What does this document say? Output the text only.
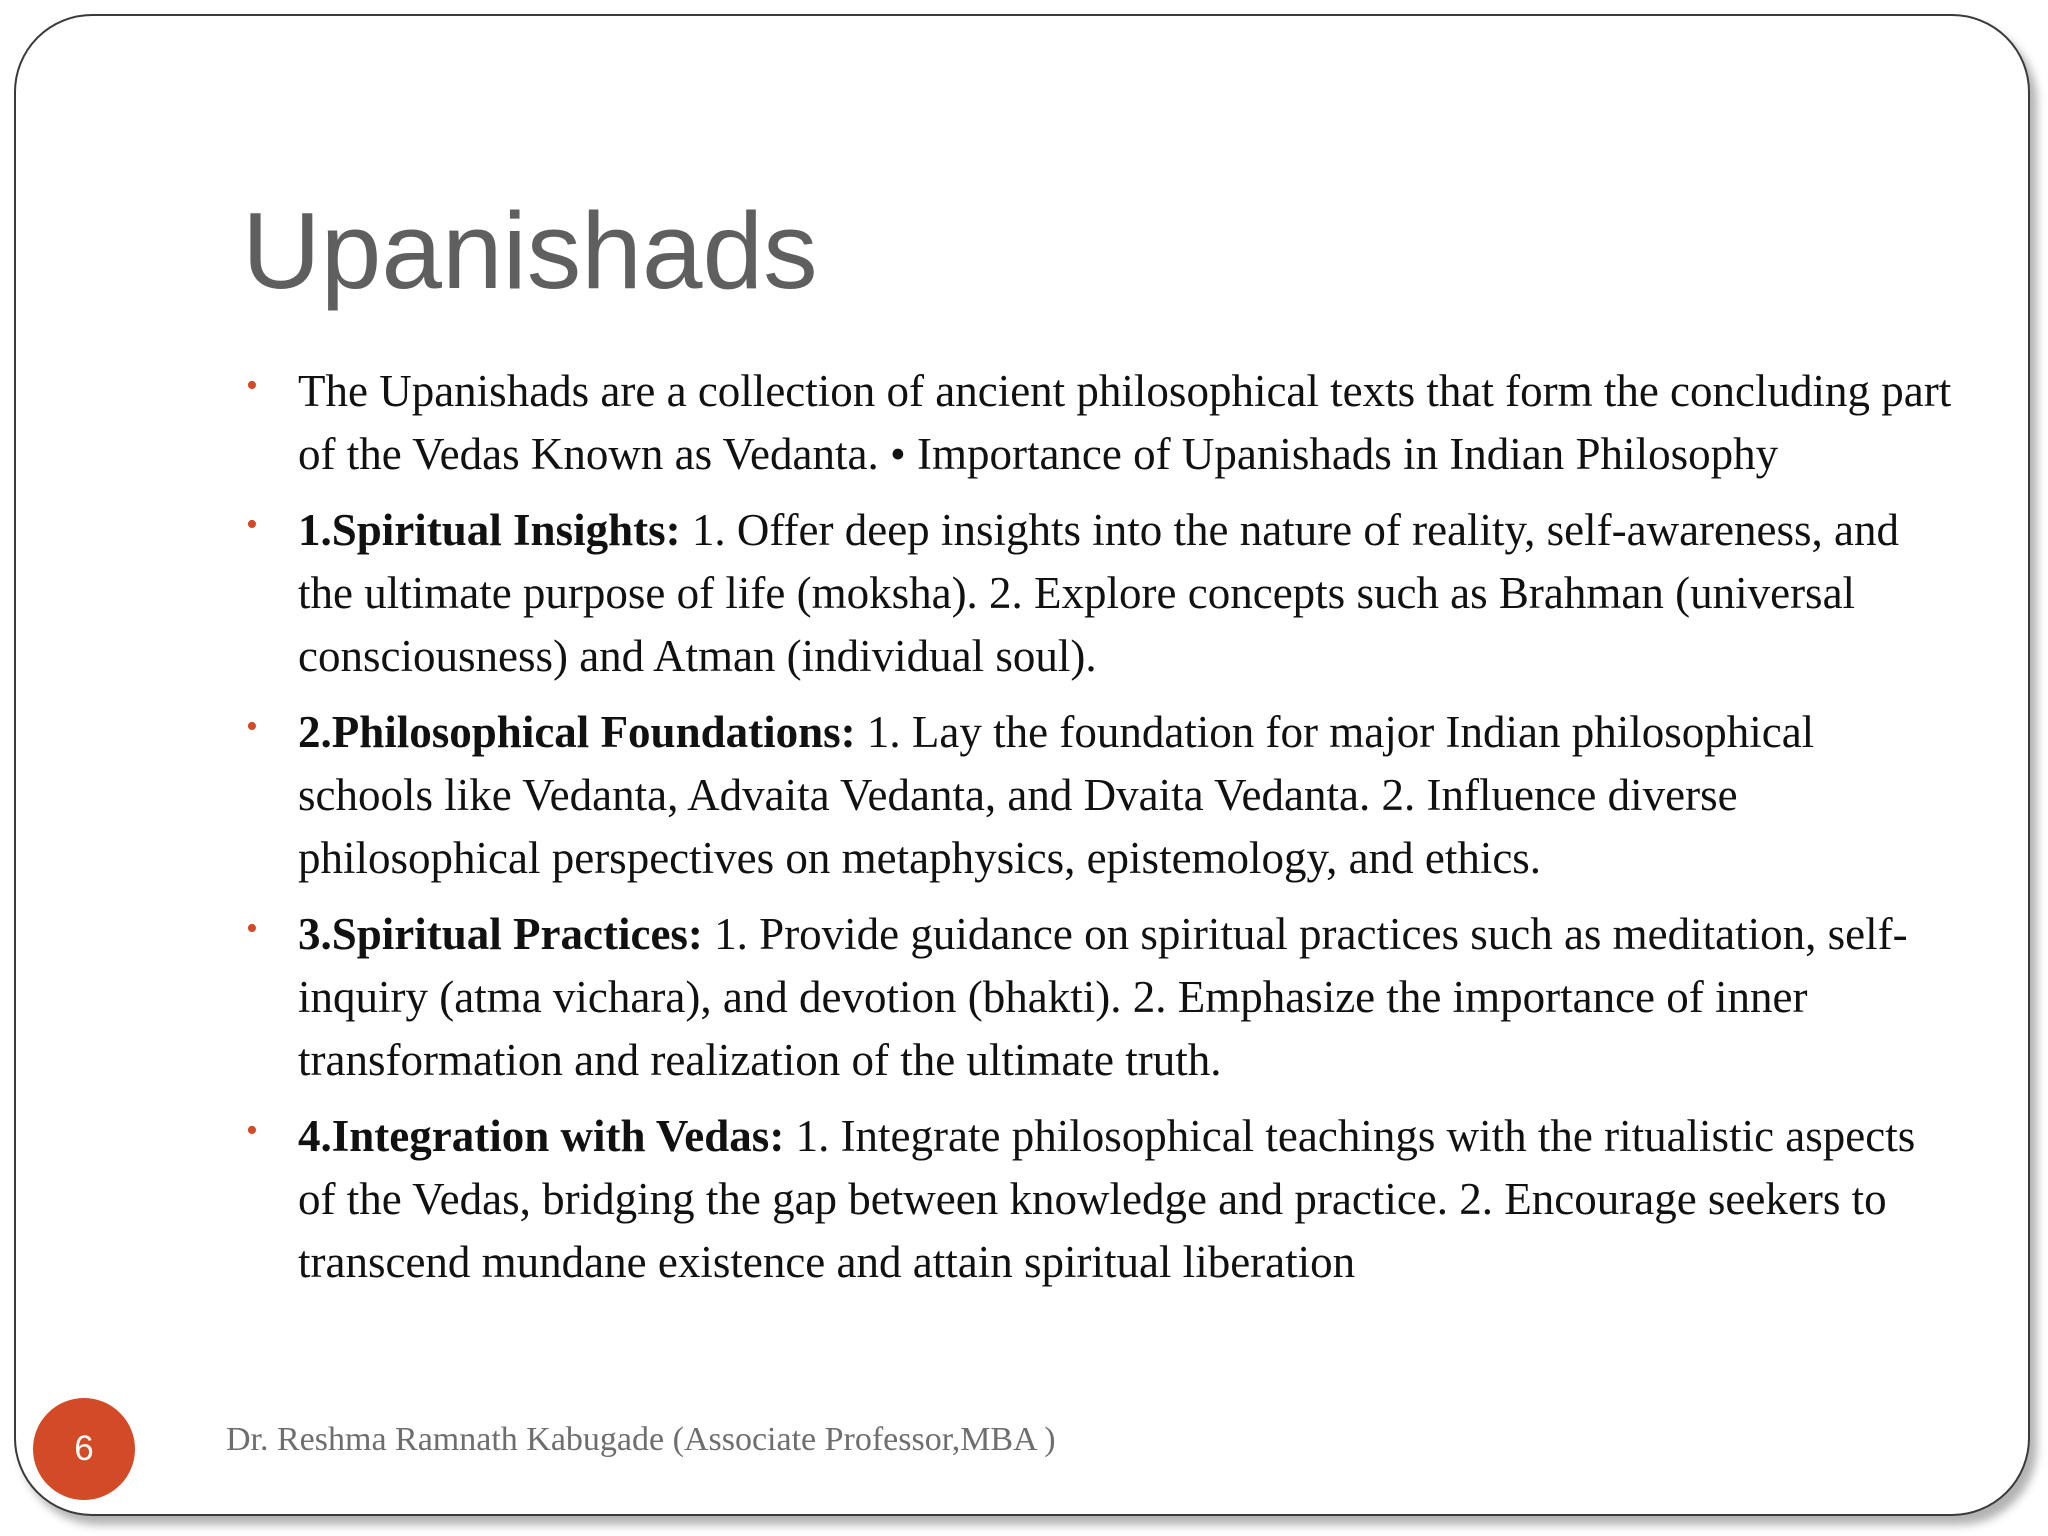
Upanishads
• The Upanishads are a collection of ancient philosophical texts that form the concluding part of the Vedas Known as Vedanta. • Importance of Upanishads in Indian Philosophy
• 1.Spiritual Insights: 1. Offer deep insights into the nature of reality, self-awareness, and the ultimate purpose of life (moksha). 2. Explore concepts such as Brahman (universal consciousness) and Atman (individual soul).
• 2.Philosophical Foundations: 1. Lay the foundation for major Indian philosophical schools like Vedanta, Advaita Vedanta, and Dvaita Vedanta. 2. Influence diverse philosophical perspectives on metaphysics, epistemology, and ethics.
• 3.Spiritual Practices: 1. Provide guidance on spiritual practices such as meditation, self-inquiry (atma vichara), and devotion (bhakti). 2. Emphasize the importance of inner transformation and realization of the ultimate truth.
• 4.Integration with Vedas: 1. Integrate philosophical teachings with the ritualistic aspects of the Vedas, bridging the gap between knowledge and practice. 2. Encourage seekers to transcend mundane existence and attain spiritual liberation
6	Dr. Reshma Ramnath Kabugade (Associate Professor,MBA )
